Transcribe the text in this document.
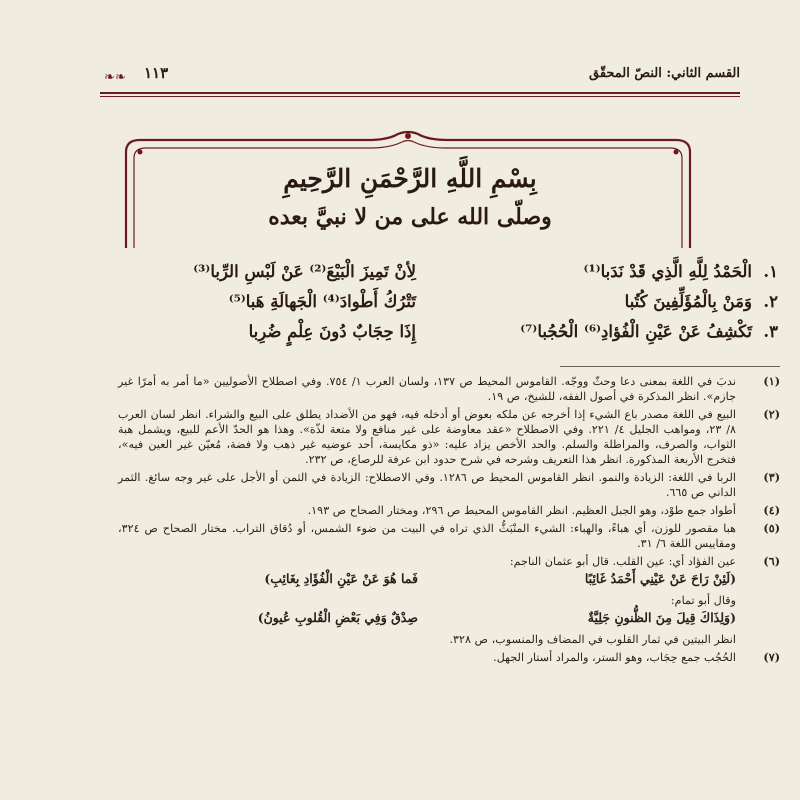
القسم الثاني: النصّ المحقّق
١١٣
❧ ❧
بِسْمِ اللَّهِ الرَّحْمَنِ الرَّحِيمِ
وصلّى الله على من لا نبيَّ بعده
١.
الْحَمْدُ لِلَّهِ الَّذِي قَدْ نَدَبا⁽¹⁾
لِأنْ تَمِيزَ الْبَيْعَ⁽²⁾ عَنْ لَبْسِ الرِّبا⁽³⁾
٢.
وَمَنْ بِالْمُؤَلِّفِينَ كُتُبا
تَتْرُكُ أَطْوادَ⁽⁴⁾ الْجَهالَةِ هَبا⁽⁵⁾
٣.
تَكْشِفُ عَنْ عَيْنِ الْفُؤادِ⁽⁶⁾ الْحُجُبا⁽⁷⁾
إِذَا حِجَابٌ دُونَ عِلْمٍ ضُرِبا
(١)
ندبَ في اللغة بمعنى دعا وحثّ ووجّه. القاموس المحيط ص ١٣٧، ولسان العرب ١/ ٧٥٤. وفي اصطلاح الأصوليين «ما أمر به أمرًا غير جازم». انظر المذكرة في أصول الفقه، للشيخ، ص ١٩.
(٢)
البيع في اللغة مصدر باع الشيء إذا أخرجه عن ملكه بعوض أو أدخله فيه، فهو من الأضداد يطلق على البيع والشراء. انظر لسان العرب ٨/ ٢٣، ومواهب الجليل ٤/ ٢٢١. وفي الاصطلاح «عقد معاوضة على غير منافع ولا متعة لذّة». وهذا هو الحدّ الأعم للبيع، ويشمل هبة الثواب، والصرف، والمراطلة والسلم. والحد الأخص يزاد عليه: «ذو مكايسة، أحد عوضيه غير ذهب ولا فضة، مُعيّن غير العين فيه»، فتخرج الأربعة المذكورة. انظر هذا التعريف وشرحه في شرح حدود ابن عرفة للرصاع، ص ٢٣٢.
(٣)
الربا في اللغة: الزيادة والنمو. انظر القاموس المحيط ص ١٢٨٦. وفي الاصطلاح: الزيادة في الثمن أو الأجل على غير وجه سائغ. الثمر الداني ص ٦٦٥.
(٤)
أطواد جمع طوْد، وهو الجبل العظيم. انظر القاموس المحيط ص ٢٩٦، ومختار الصحاح ص ١٩٣.
(٥)
هبا مقصور للوزن، أي هباءً، والهباء: الشيء المنْبَثُّ الذي تراه في البيت من ضوء الشمس، أو دُقاق التراب. مختار الصحاح ص ٣٢٤، ومقاييس اللغة ٦/ ٣١.
(٦)
عين الفؤاد أي: عين القلب. قال أبو عثمان الناجم:
(لَئِنْ رَاحَ عَنْ عَيْنِي أَحْمَدُ غَائِبًا
فَما هُوَ عَنْ عَيْنِ الْفُؤَادِ بِغَائِبِ)
وقال أبو تمام:
(وَلِذَاكَ قِيلَ مِنَ الظُّنونِ جَلِيَّةٌ
صِدْقٌ وَفِي بَعْضِ الْقُلوبِ عُيونُ)
انظر البيتين في ثمار القلوب في المضاف والمنسوب، ص ٣٢٨.
(٧)
الحُجُب جمع حِجَاب، وهو الستر، والمراد أستار الجهل.
